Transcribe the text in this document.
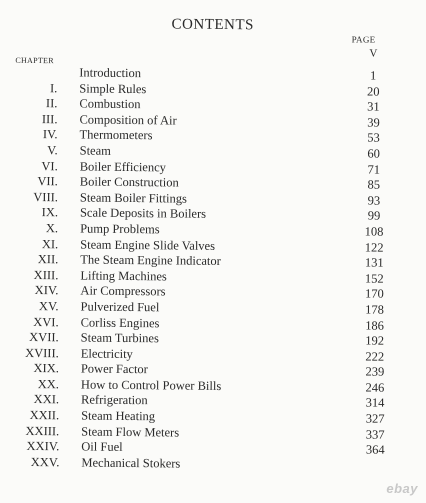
CONTENTS
PAGE
V
CHAPTER
Introduction	1
I. Simple Rules	20
II. Combustion	31
III. Composition of Air	39
IV. Thermometers	53
V. Steam	60
VI. Boiler Efficiency	71
VII. Boiler Construction	85
VIII. Steam Boiler Fittings	93
IX. Scale Deposits in Boilers	99
X. Pump Problems	108
XI. Steam Engine Slide Valves	122
XII. The Steam Engine Indicator	131
XIII. Lifting Machines	152
XIV. Air Compressors	170
XV. Pulverized Fuel	178
XVI. Corliss Engines	186
XVII. Steam Turbines	192
XVIII. Electricity	222
XIX. Power Factor	239
XX. How to Control Power Bills	246
XXI. Refrigeration	314
XXII. Steam Heating	327
XXIII. Steam Flow Meters	337
XXIV. Oil Fuel	364
XXV. Mechanical Stokers
ebay
